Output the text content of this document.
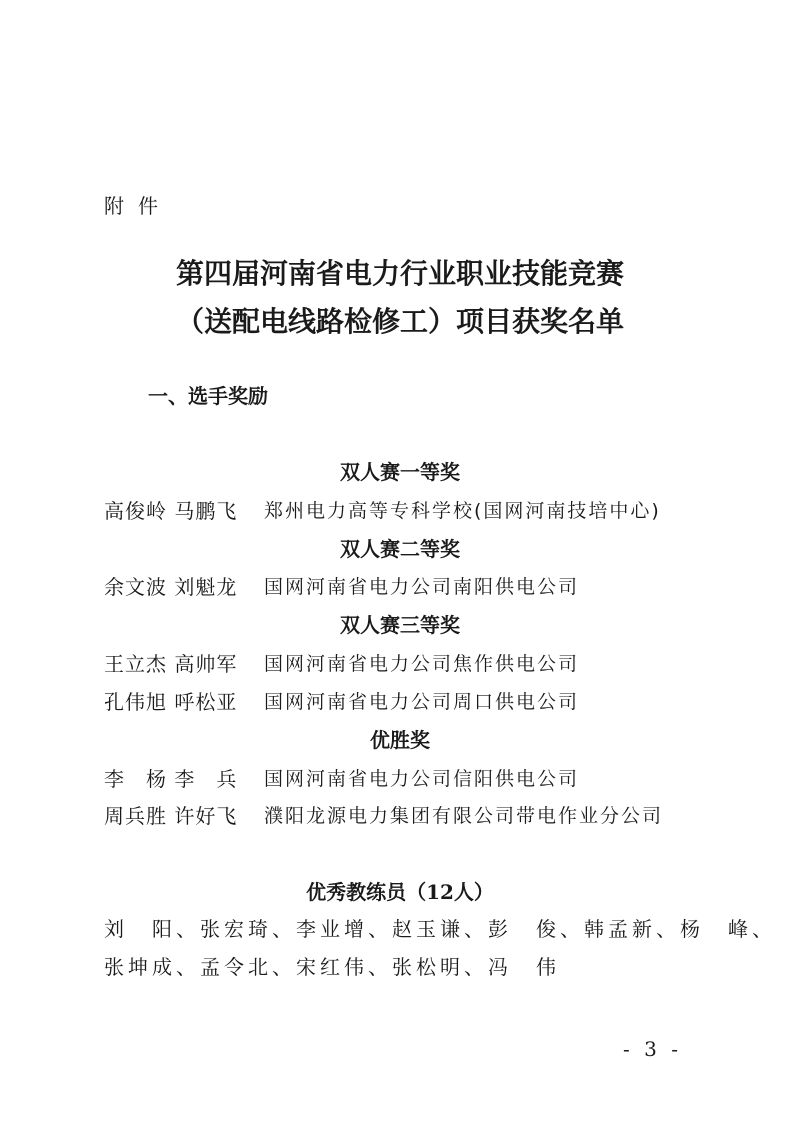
附件
第四届河南省电力行业职业技能竞赛
（送配电线路检修工）项目获奖名单
一、选手奖励
双人赛一等奖
高俊岭 马鹏飞 郑州电力高等专科学校(国网河南技培中心)
双人赛二等奖
余文波 刘魁龙 国网河南省电力公司南阳供电公司
双人赛三等奖
王立杰 高帅军 国网河南省电力公司焦作供电公司
孔伟旭 呼松亚 国网河南省电力公司周口供电公司
优胜奖
李　杨 李　兵 国网河南省电力公司信阳供电公司
周兵胜 许好飞 濮阳龙源电力集团有限公司带电作业分公司
优秀教练员（12人）
刘　阳、张宏琦、李业增、赵玉谦、彭　俊、韩孟新、杨　峰、
张坤成、孟令北、宋红伟、张松明、冯　伟
- 3 -
